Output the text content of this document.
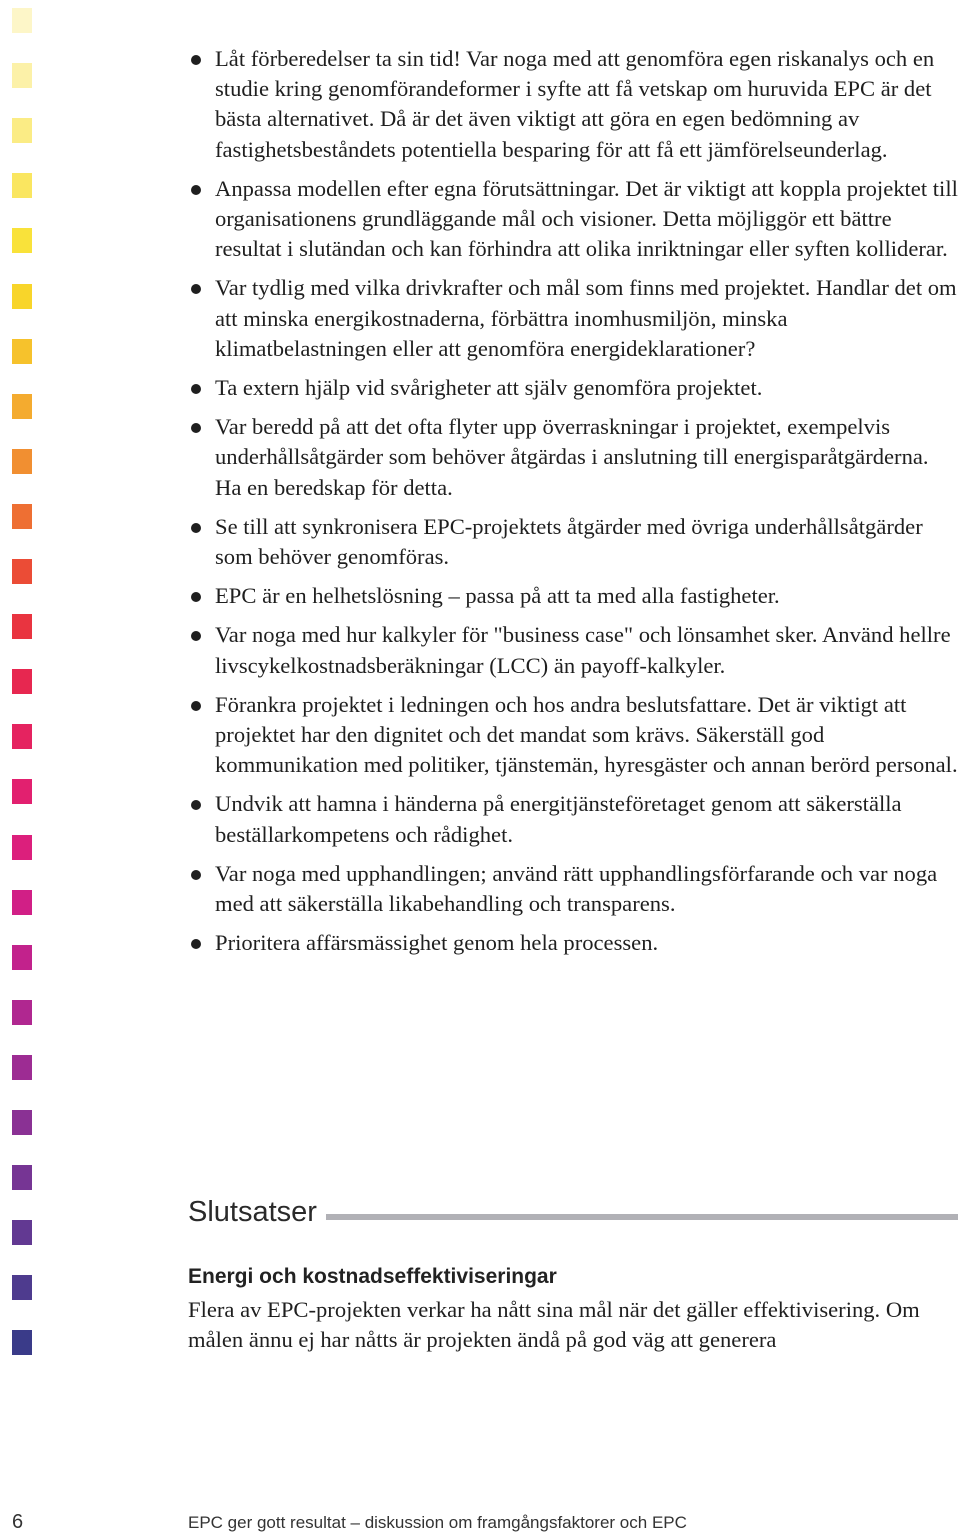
Låt förberedelser ta sin tid! Var noga med att genomföra egen riskanalys och en studie kring genomförandeformer i syfte att få vetskap om huruvida EPC är det bästa alternativet. Då är det även viktigt att göra en egen bedömning av fastighetsbeståndets potentiella besparing för att få ett jämförelseunderlag.
Anpassa modellen efter egna förutsättningar. Det är viktigt att koppla projektet till organisationens grundläggande mål och visioner. Detta möjliggör ett bättre resultat i slutändan och kan förhindra att olika inriktningar eller syften kolliderar.
Var tydlig med vilka drivkrafter och mål som finns med projektet. Handlar det om att minska energikostnaderna, förbättra inomhusmiljön, minska klimatbelastningen eller att genomföra energideklarationer?
Ta extern hjälp vid svårigheter att själv genomföra projektet.
Var beredd på att det ofta flyter upp överraskningar i projektet, exempelvis underhållsåtgärder som behöver åtgärdas i anslutning till energisparåtgärderna. Ha en beredskap för detta.
Se till att synkronisera EPC-projektets åtgärder med övriga underhållsåtgärder som behöver genomföras.
EPC är en helhetslösning – passa på att ta med alla fastigheter.
Var noga med hur kalkyler för "business case" och lönsamhet sker. Använd hellre livscykelkostnadsberäkningar (LCC) än payoff-kalkyler.
Förankra projektet i ledningen och hos andra beslutsfattare. Det är viktigt att projektet har den dignitet och det mandat som krävs. Säkerställ god kommunikation med politiker, tjänstemän, hyresgäster och annan berörd personal.
Undvik att hamna i händerna på energitjänsteföretaget genom att säkerställa beställarkompetens och rådighet.
Var noga med upphandlingen; använd rätt upphandlingsförfarande och var noga med att säkerställa likabehandling och transparens.
Prioritera affärsmässighet genom hela processen.
Slutsatser
Energi och kostnadseffektiviseringar

Flera av EPC-projekten verkar ha nått sina mål när det gäller effektivisering. Om målen ännu ej har nåtts är projekten ändå på god väg att generera

6	EPC ger gott resultat – diskussion om framgångsfaktorer och EPC
